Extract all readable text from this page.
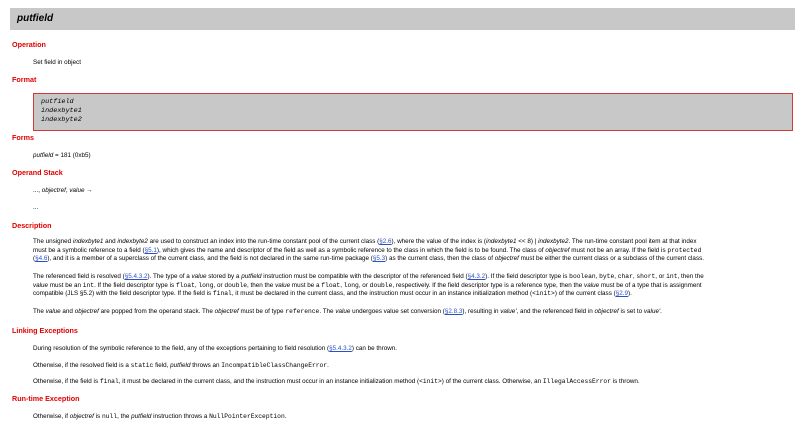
putfield
Operation
Set field in object
Format
putfield
indexbyte1
indexbyte2
Forms
putfield = 181 (0xb5)
Operand Stack
..., objectref, value →
...
Description
The unsigned indexbyte1 and indexbyte2 are used to construct an index into the run-time constant pool of the current class (§2.6), where the value of the index is (indexbyte1 << 8) | indexbyte2. The run-time constant pool item at that index
must be a symbolic reference to a field (§5.1), which gives the name and descriptor of the field as well as a symbolic reference to the class in which the field is to be found. The class of objectref must not be an array. If the field is protected
(§4.6), and it is a member of a superclass of the current class, and the field is not declared in the same run-time package (§5.3) as the current class, then the class of objectref must be either the current class or a subclass of the current class.
The referenced field is resolved (§5.4.3.2). The type of a value stored by a putfield instruction must be compatible with the descriptor of the referenced field (§4.3.2). If the field descriptor type is boolean, byte, char, short, or int, then the
value must be an int. If the field descriptor type is float, long, or double, then the value must be a float, long, or double, respectively. If the field descriptor type is a reference type, then the value must be of a type that is assignment
compatible (JLS §5.2) with the field descriptor type. If the field is final, it must be declared in the current class, and the instruction must occur in an instance initialization method (<init>) of the current class (§2.9).
The value and objectref are popped from the operand stack. The objectref must be of type reference. The value undergoes value set conversion (§2.8.3), resulting in value', and the referenced field in objectref is set to value'.
Linking Exceptions
During resolution of the symbolic reference to the field, any of the exceptions pertaining to field resolution (§5.4.3.2) can be thrown.
Otherwise, if the resolved field is a static field, putfield throws an IncompatibleClassChangeError.
Otherwise, if the field is final, it must be declared in the current class, and the instruction must occur in an instance initialization method (<init>) of the current class. Otherwise, an IllegalAccessError is thrown.
Run-time Exception
Otherwise, if objectref is null, the putfield instruction throws a NullPointerException.
